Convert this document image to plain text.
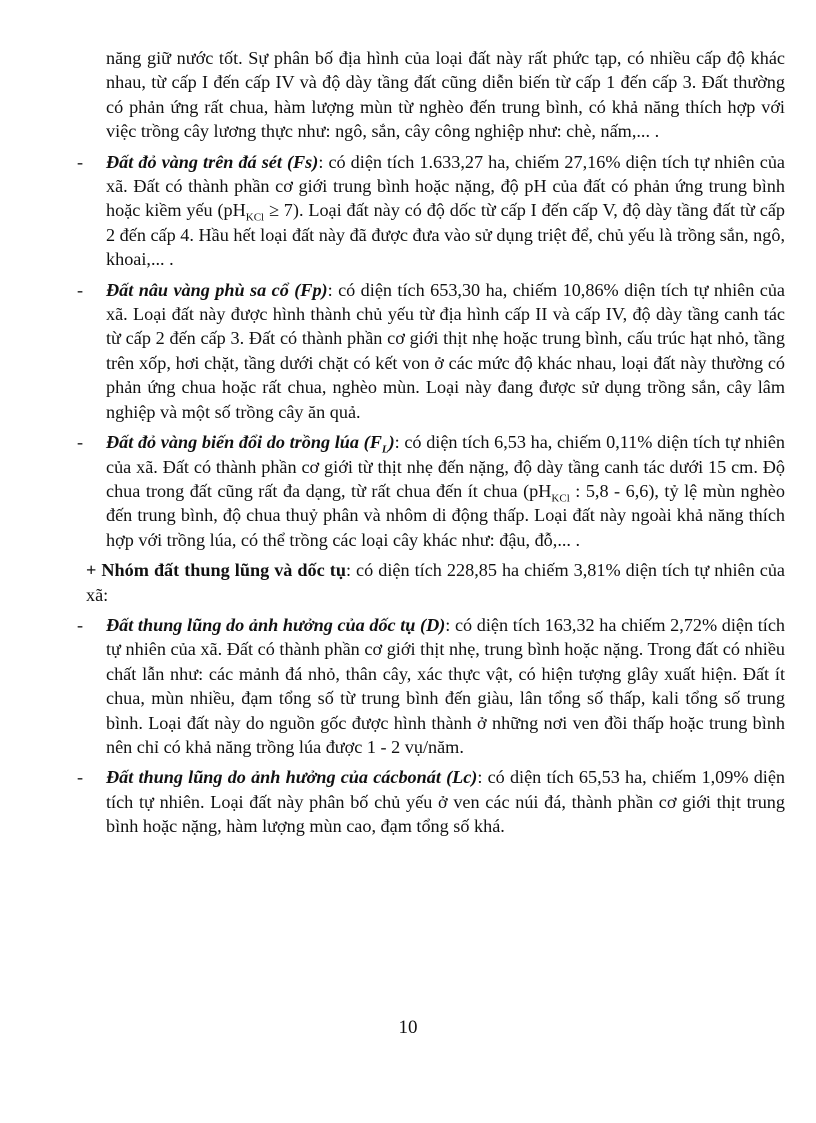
năng giữ nước tốt. Sự phân bố địa hình của loại đất này rất phức tạp, có nhiều cấp độ khác nhau, từ cấp I đến cấp IV và độ dày tầng đất cũng diễn biến từ cấp 1 đến cấp 3. Đất thường có phản ứng rất chua, hàm lượng mùn từ nghèo đến trung bình, có khả năng thích hợp với việc trồng cây lương thực như: ngô, sắn, cây công nghiệp như: chè, nấm,... .

- Đất đỏ vàng trên đá sét (Fs): có diện tích 1.633,27 ha, chiếm 27,16% diện tích tự nhiên của xã. Đất có thành phần cơ giới trung bình hoặc nặng, độ pH của đất có phản ứng trung bình hoặc kiềm yếu $(pH_{KCl} \ge 7)$. Loại đất này có độ dốc từ cấp I đến cấp V, độ dày tầng đất từ cấp 2 đến cấp 4. Hầu hết loại đất này đã được đưa vào sử dụng triệt để, chủ yếu là trồng sắn, ngô, khoai,... .

- Đất nâu vàng phù sa cổ (Fp): có diện tích 653,30 ha, chiếm 10,86% diện tích tự nhiên của xã. Loại đất này được hình thành chủ yếu từ địa hình cấp II và cấp IV, độ dày tầng canh tác từ cấp 2 đến cấp 3. Đất có thành phần cơ giới thịt nhẹ hoặc trung bình, cấu trúc hạt nhỏ, tầng trên xốp, hơi chặt, tầng dưới chặt có kết von ở các mức độ khác nhau, loại đất này thường có phản ứng chua hoặc rất chua, nghèo mùn. Loại này đang được sử dụng trồng sắn, cây lâm nghiệp và một số trồng cây ăn quả.

- Đất đỏ vàng biến đổi do trồng lúa $(F_L)$: có diện tích 6,53 ha, chiếm 0,11% diện tích tự nhiên của xã. Đất có thành phần cơ giới từ thịt nhẹ đến nặng, độ dày tầng canh tác dưới 15 cm. Độ chua trong đất cũng rất đa dạng, từ rất chua đến ít chua ($pH_{KCl}$ : 5,8 - 6,6), tỷ lệ mùn nghèo đến trung bình, độ chua thuỷ phân và nhôm di động thấp. Loại đất này ngoài khả năng thích hợp với trồng lúa, có thể trồng các loại cây khác như: đậu, đỗ,... .

+ Nhóm đất thung lũng và dốc tụ: có diện tích 228,85 ha chiếm 3,81% diện tích tự nhiên của xã:

- Đất thung lũng do ảnh hưởng của dốc tụ (D): có diện tích 163,32 ha chiếm 2,72% diện tích tự nhiên của xã. Đất có thành phần cơ giới thịt nhẹ, trung bình hoặc nặng. Trong đất có nhiều chất lẫn như: các mảnh đá nhỏ, thân cây, xác thực vật, có hiện tượng glây xuất hiện. Đất ít chua, mùn nhiều, đạm tổng số từ trung bình đến giàu, lân tổng số thấp, kali tổng số trung bình. Loại đất này do nguồn gốc được hình thành ở những nơi ven đồi thấp hoặc trung bình nên chỉ có khả năng trồng lúa được 1 - 2 vụ/năm.

- Đất thung lũng do ảnh hưởng của cácbonát (Lc): có diện tích 65,53 ha, chiếm 1,09% diện tích tự nhiên. Loại đất này phân bố chủ yếu ở ven các núi đá, thành phần cơ giới thịt trung bình hoặc nặng, hàm lượng mùn cao, đạm tổng số khá.

10
